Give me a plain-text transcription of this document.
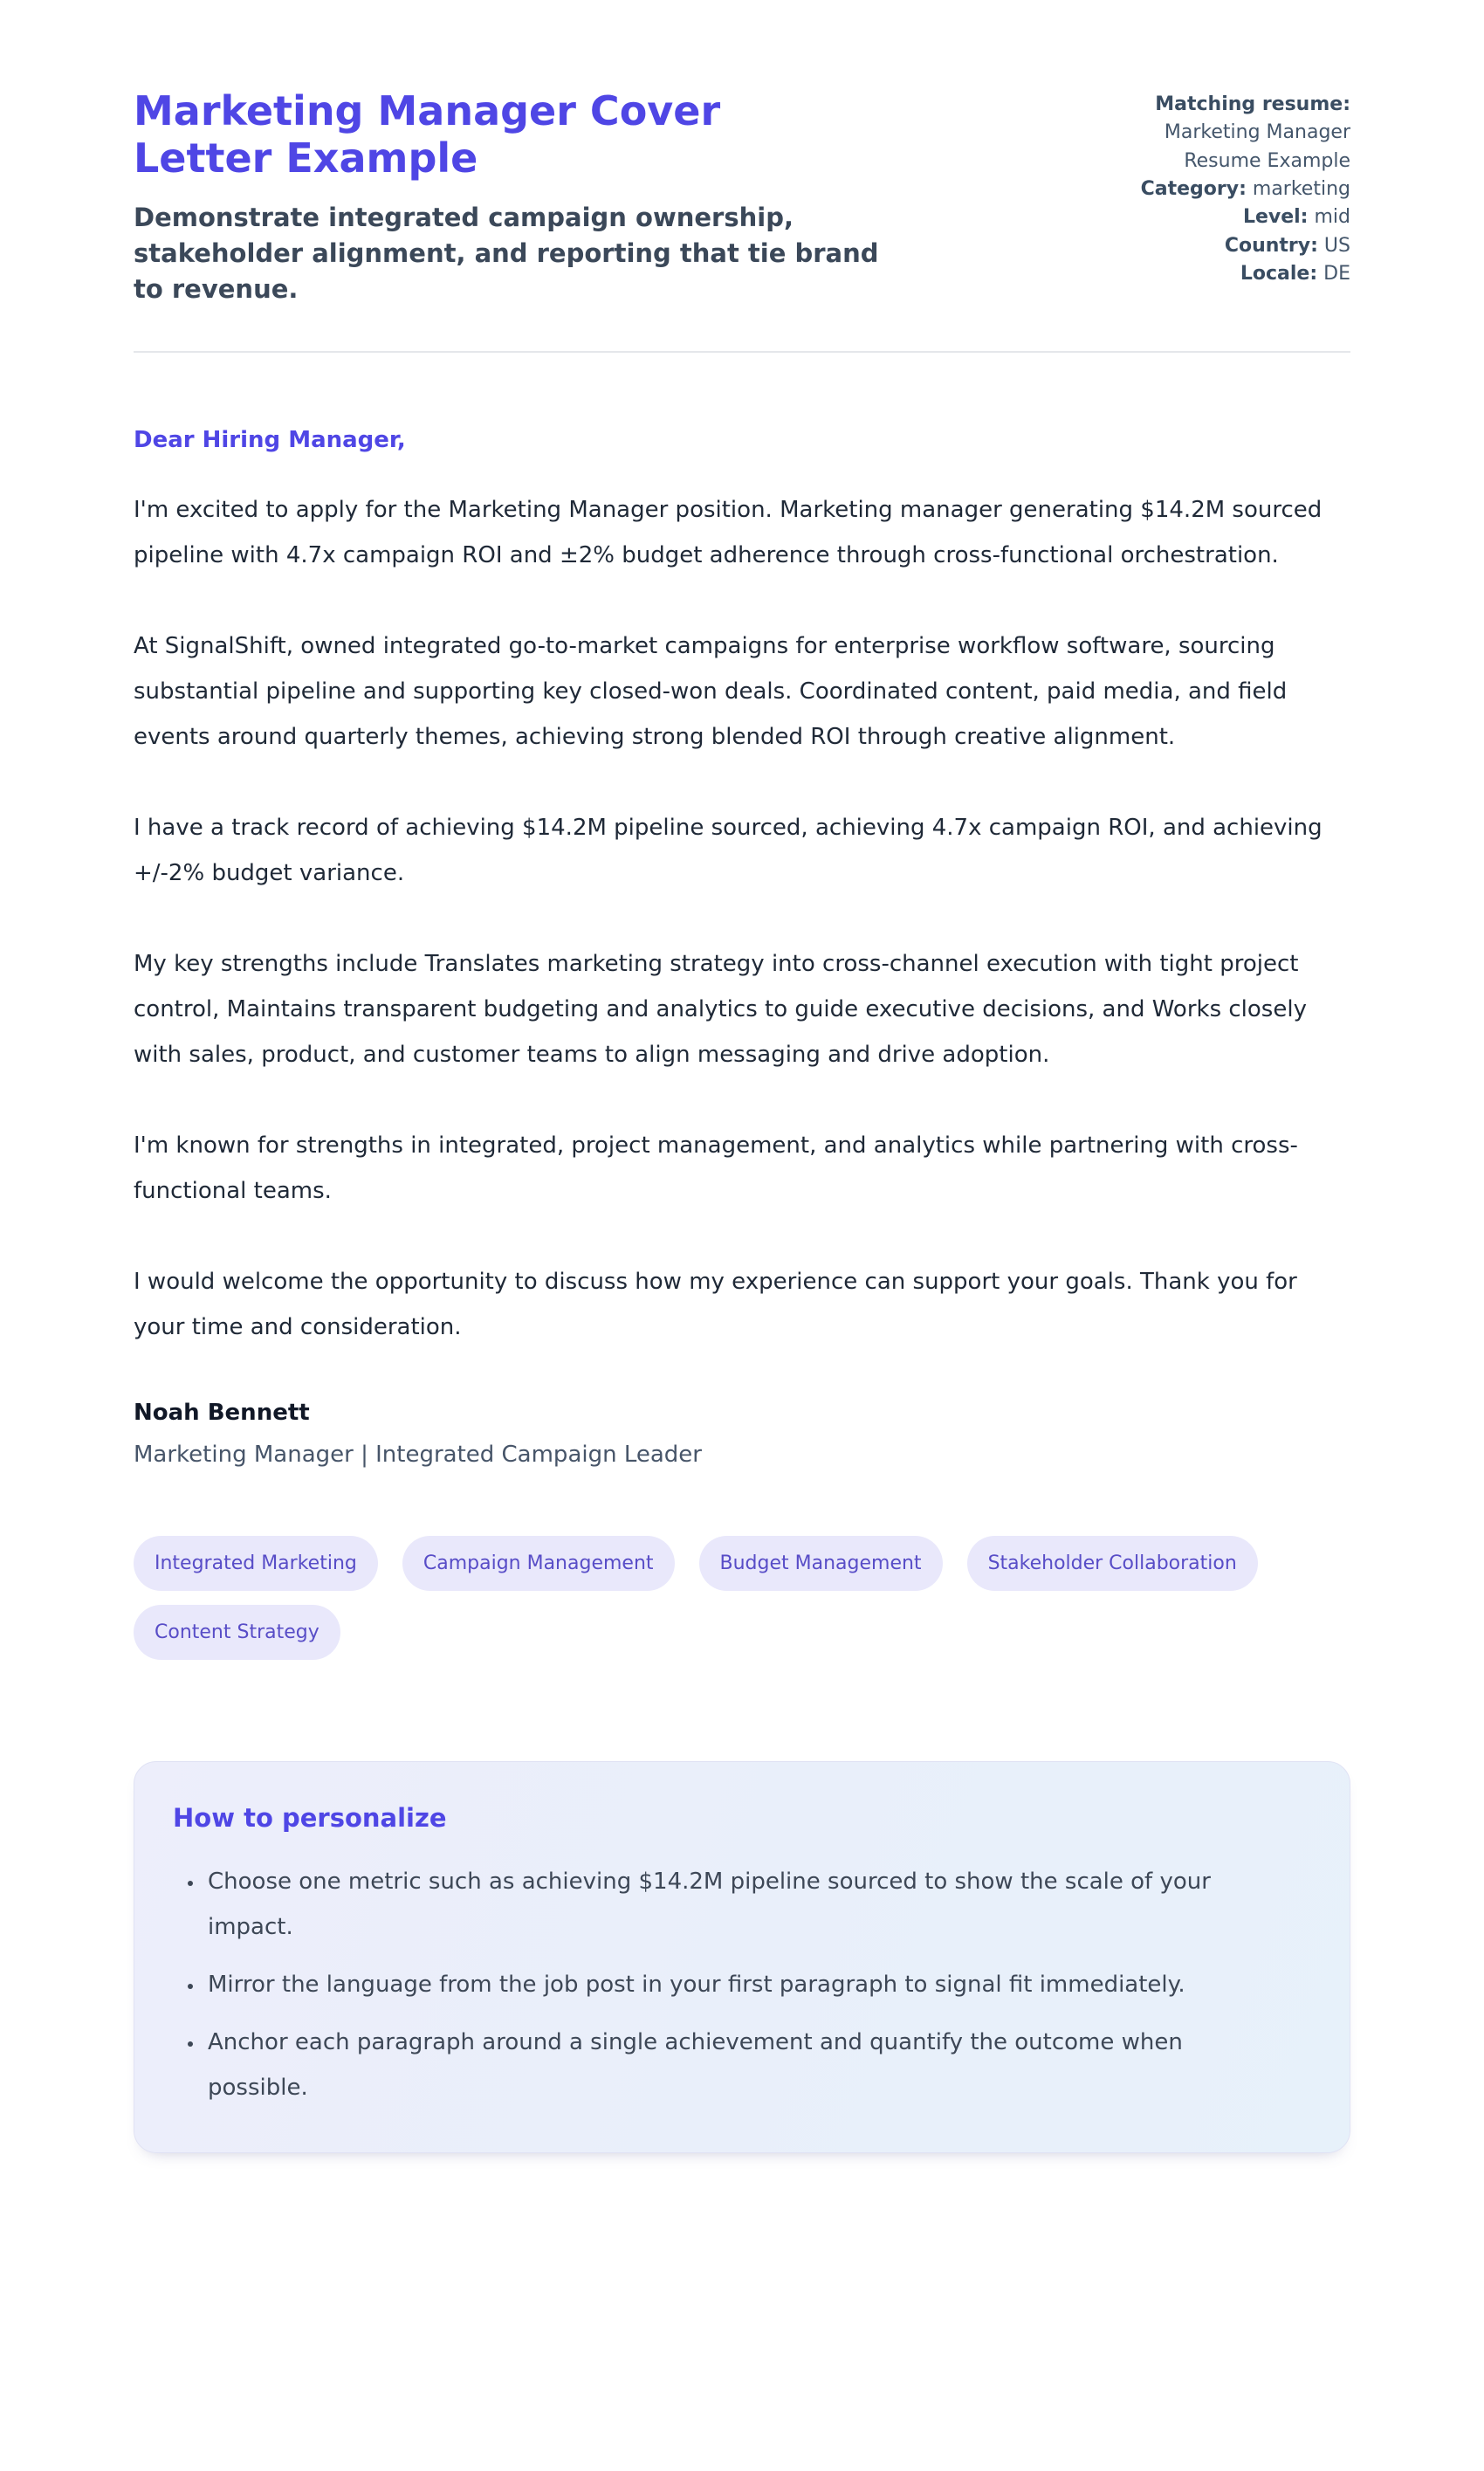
Marketing Manager Cover Letter Example

Demonstrate integrated campaign ownership, stakeholder alignment, and reporting that tie brand to revenue.

Matching resume: Marketing Manager Resume Example
Category: marketing
Level: mid
Country: US
Locale: DE

Dear Hiring Manager,

I'm excited to apply for the Marketing Manager position. Marketing manager generating $14.2M sourced pipeline with 4.7x campaign ROI and ±2% budget adherence through cross-functional orchestration.

At SignalShift, owned integrated go-to-market campaigns for enterprise workflow software, sourcing substantial pipeline and supporting key closed-won deals. Coordinated content, paid media, and field events around quarterly themes, achieving strong blended ROI through creative alignment.

I have a track record of achieving $14.2M pipeline sourced, achieving 4.7x campaign ROI, and achieving +/-2% budget variance.

My key strengths include Translates marketing strategy into cross-channel execution with tight project control, Maintains transparent budgeting and analytics to guide executive decisions, and Works closely with sales, product, and customer teams to align messaging and drive adoption.

I'm known for strengths in integrated, project management, and analytics while partnering with cross-functional teams.

I would welcome the opportunity to discuss how my experience can support your goals. Thank you for your time and consideration.

Noah Bennett

Marketing Manager | Integrated Campaign Leader

Integrated Marketing	Campaign Management	Budget Management	Stakeholder Collaboration
Content Strategy
How to personalize
• Choose one metric such as achieving $14.2M pipeline sourced to show the scale of your impact.
• Mirror the language from the job post in your first paragraph to signal fit immediately.
• Anchor each paragraph around a single achievement and quantify the outcome when possible.
